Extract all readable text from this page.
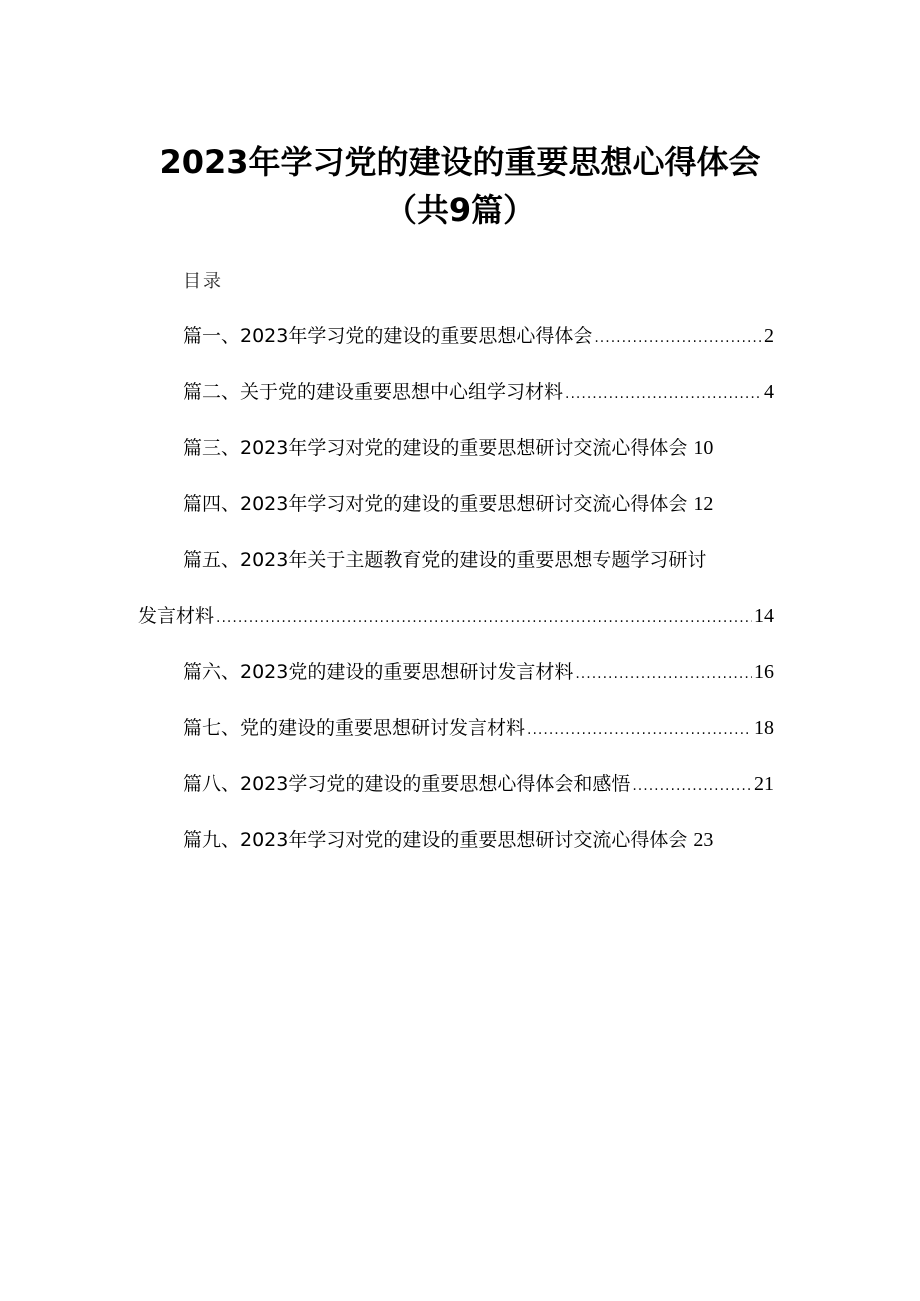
2023年学习党的建设的重要思想心得体会
（共9篇）
目录
篇一、2023年学习党的建设的重要思想心得体会 .....	2
篇二、关于党的建设重要思想中心组学习材料 .....	4
篇三、2023年学习对党的建设的重要思想研讨交流心得体会 10
篇四、2023年学习对党的建设的重要思想研讨交流心得体会 12
篇五、2023年关于主题教育党的建设的重要思想专题学习研讨
发言材料 .....	14
篇六、2023党的建设的重要思想研讨发言材料 .....	16
篇七、党的建设的重要思想研讨发言材料 .....	18
篇八、2023学习党的建设的重要思想心得体会和感悟 .....	21
篇九、2023年学习对党的建设的重要思想研讨交流心得体会 23
